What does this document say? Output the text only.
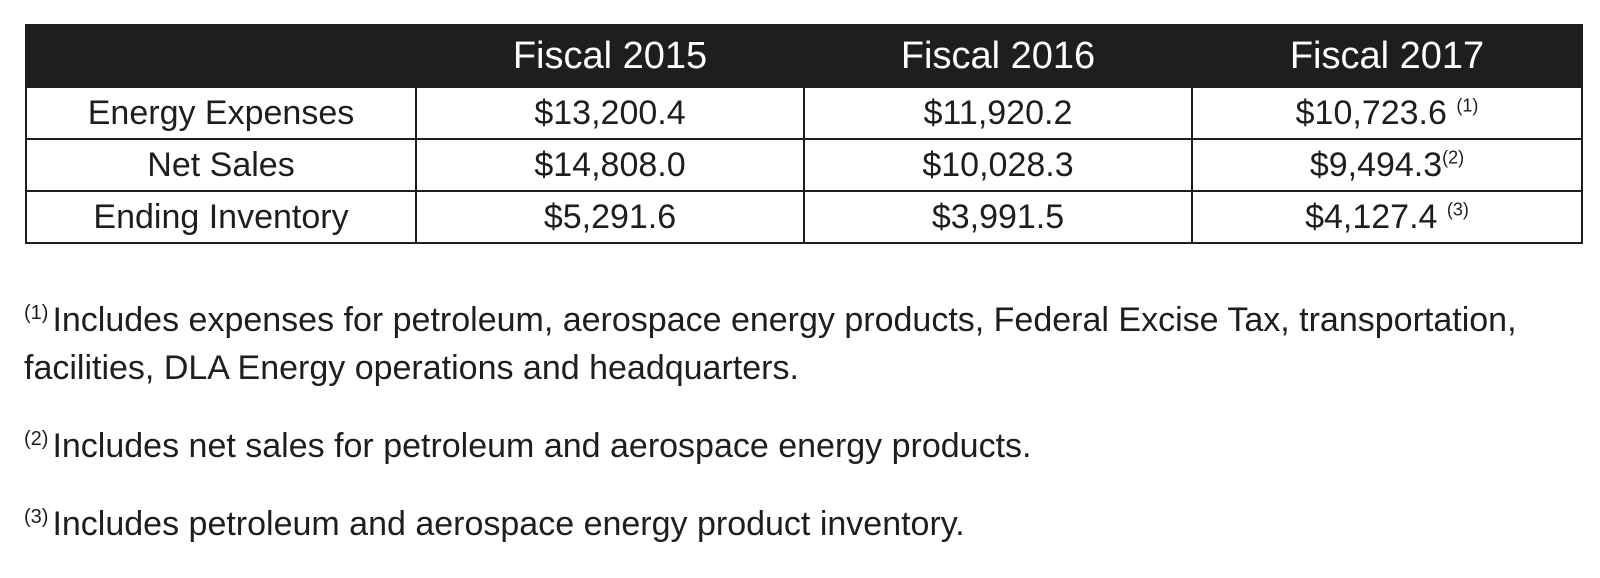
	Fiscal 2015	Fiscal 2016	Fiscal 2017
Energy Expenses	$13,200.4	$11,920.2	$10,723.6 $^{(1)}$
Net Sales	$14,808.0	$10,028.3	$9,494.3$^{(2)}$
Ending Inventory	$5,291.6	$3,991.5	$4,127.4 $^{(3)}$

$^{(1)}$ Includes expenses for petroleum, aerospace energy products, Federal Excise Tax, transportation, facilities, DLA Energy operations and headquarters.

$^{(2)}$ Includes net sales for petroleum and aerospace energy products.

$^{(3)}$ Includes petroleum and aerospace energy product inventory.
